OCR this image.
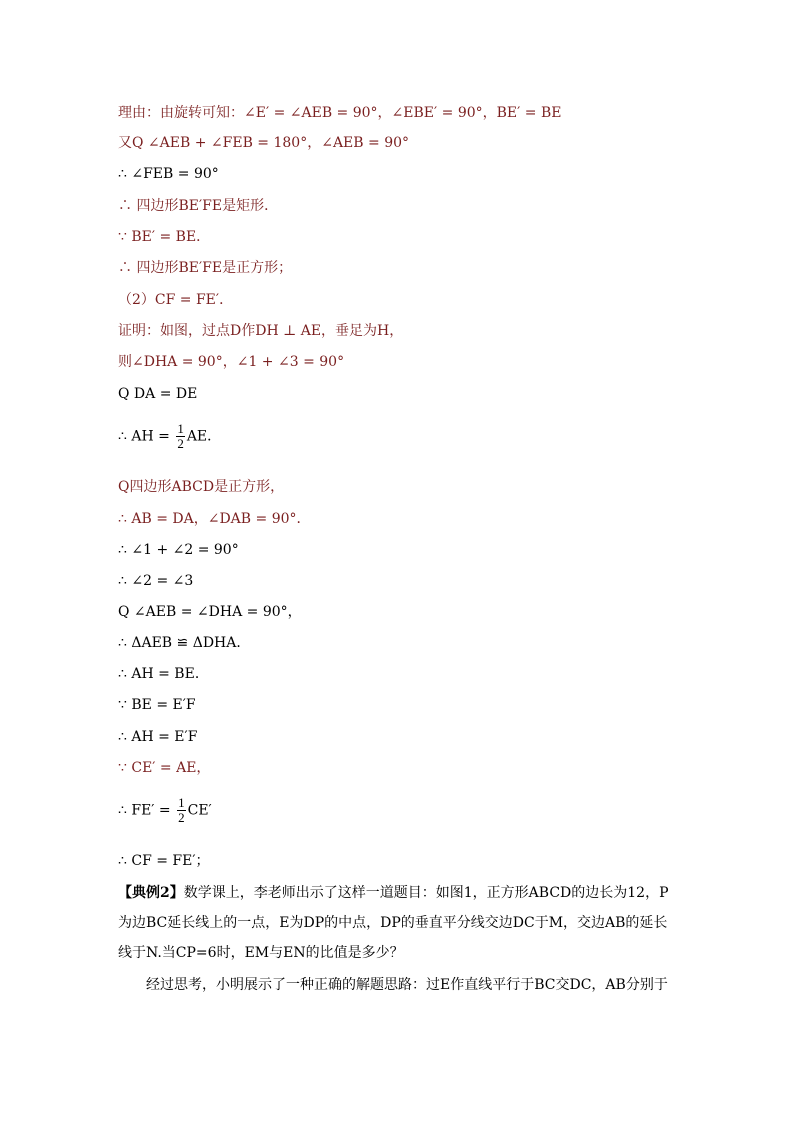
理由：由旋转可知：∠E′ = ∠AEB = 90°，∠EBE′ = 90°，BE′ = BE
又Q ∠AEB + ∠FEB = 180°，∠AEB = 90°
∴ ∠FEB = 90°
∴ 四边形BE′FE是矩形．
∵ BE′ = BE．
∴ 四边形BE′FE是正方形；
（2）CF = FE′．
证明：如图，过点D作DH ⊥ AE，垂足为H，
则∠DHA = 90°，∠1 + ∠3 = 90°
Q DA = DE
∴ AH = $\frac{1}{2}$ AE．
Q四边形ABCD是正方形，
∴ AB = DA，∠DAB = 90°．
∴ ∠1 + ∠2 = 90°
∴ ∠2 = ∠3
Q ∠AEB = ∠DHA = 90°，
∴ ΔAEB ≌ ΔDHA．
∴ AH = BE．
∵ BE = E′F
∴ AH = E′F
∵ CE′ = AE，
∴ $FE' = \frac{1}{2} CE'$
∴ CF = FE′；
【典例2】数学课上，李老师出示了这样一道题目：如图1，正方形ABCD的边长为12，P为边BC延长线上的一点，E为DP的中点，DP的垂直平分线交边DC于M，交边AB的延长线于N.当CP=6时，EM与EN的比值是多少？
经过思考，小明展示了一种正确的解题思路：过E作直线平行于BC交DC，AB分别于
